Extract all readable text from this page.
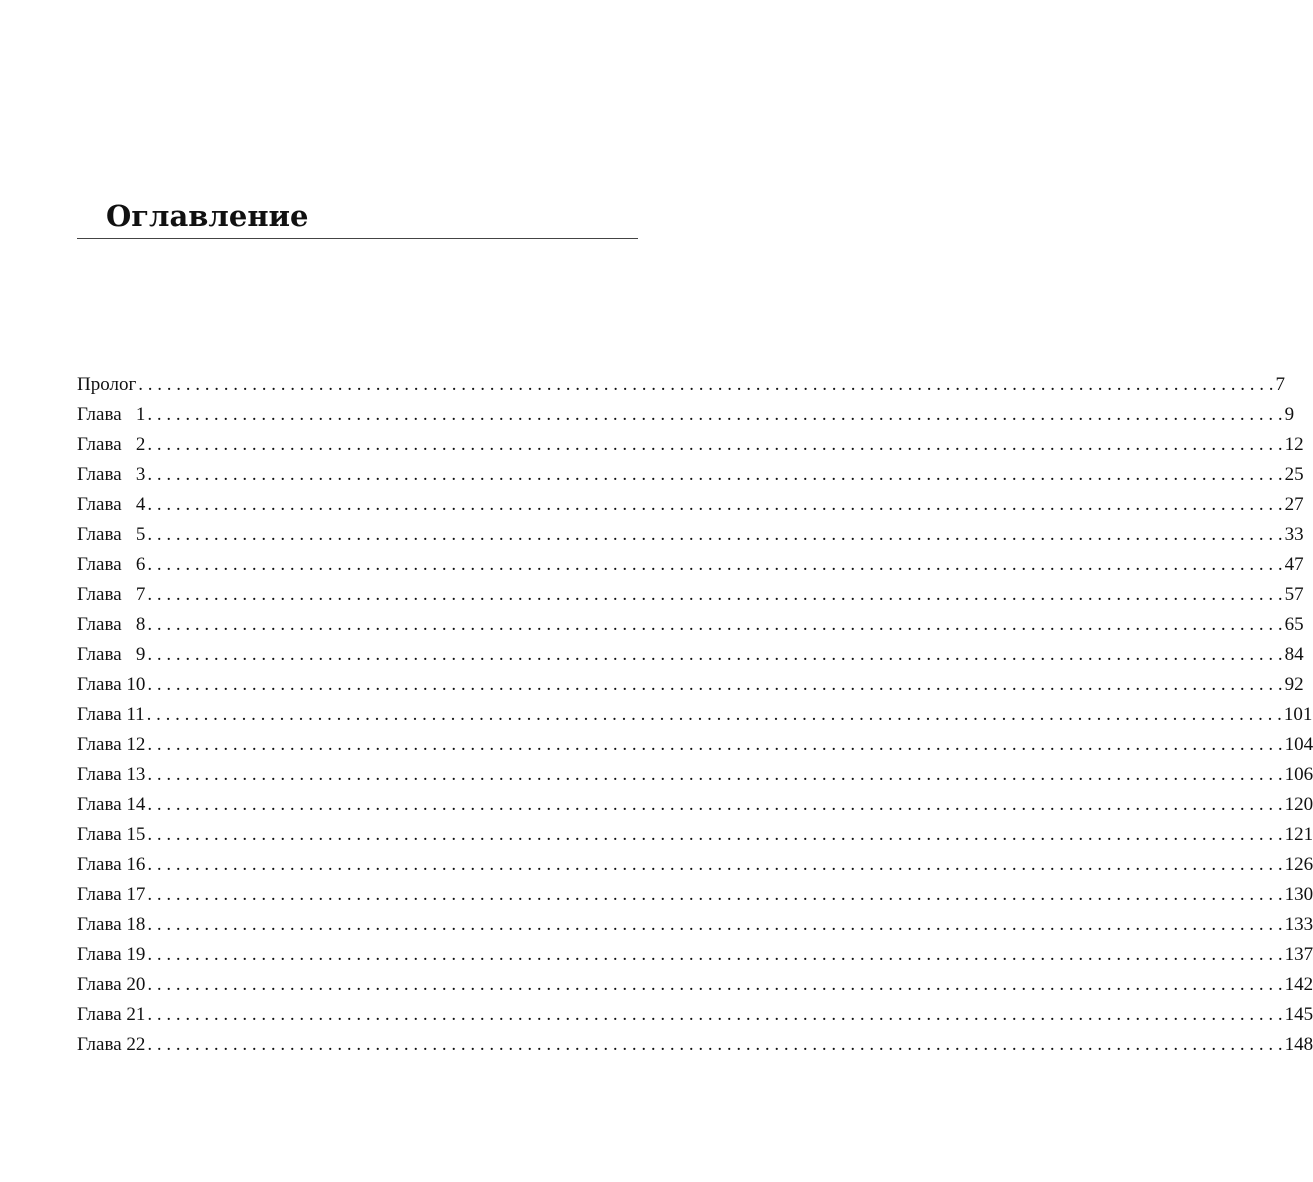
Оглавление
Пролог . . . . . . . . . . . . . . . . . . . . . . . . . . . . . . . . . . . . . . . . . . . . . . . . . . . . . . . . . . . . . . . . . . . . . . . . . . . . . . . . . . . . . . . . . . . . . . . . . . . . . . . . . . . . . . . . . . . . . . . . 7
Глава   1 . . . . . . . . . . . . . . . . . . . . . . . . . . . . . . . . . . . . . . . . . . . . . . . . . . . . . . . . . . . . . . . . . . . . . . . . . . . . . . . . . . . . . . . . . . . . . . . . . . . . . . . . . . . . . . . . . . . . . . . . 9
Глава   2 . . . . . . . . . . . . . . . . . . . . . . . . . . . . . . . . . . . . . . . . . . . . . . . . . . . . . . . . . . . . . . . . . . . . . . . . . . . . . . . . . . . . . . . . . . . . . . . . . . . . . . . . . . . . . . . . . . . . . . . . 12
Глава   3 . . . . . . . . . . . . . . . . . . . . . . . . . . . . . . . . . . . . . . . . . . . . . . . . . . . . . . . . . . . . . . . . . . . . . . . . . . . . . . . . . . . . . . . . . . . . . . . . . . . . . . . . . . . . . . . . . . . . . . . . 25
Глава   4 . . . . . . . . . . . . . . . . . . . . . . . . . . . . . . . . . . . . . . . . . . . . . . . . . . . . . . . . . . . . . . . . . . . . . . . . . . . . . . . . . . . . . . . . . . . . . . . . . . . . . . . . . . . . . . . . . . . . . . . . 27
Глава   5 . . . . . . . . . . . . . . . . . . . . . . . . . . . . . . . . . . . . . . . . . . . . . . . . . . . . . . . . . . . . . . . . . . . . . . . . . . . . . . . . . . . . . . . . . . . . . . . . . . . . . . . . . . . . . . . . . . . . . . . . 33
Глава   6 . . . . . . . . . . . . . . . . . . . . . . . . . . . . . . . . . . . . . . . . . . . . . . . . . . . . . . . . . . . . . . . . . . . . . . . . . . . . . . . . . . . . . . . . . . . . . . . . . . . . . . . . . . . . . . . . . . . . . . . . 47
Глава   7 . . . . . . . . . . . . . . . . . . . . . . . . . . . . . . . . . . . . . . . . . . . . . . . . . . . . . . . . . . . . . . . . . . . . . . . . . . . . . . . . . . . . . . . . . . . . . . . . . . . . . . . . . . . . . . . . . . . . . . . . 57
Глава   8 . . . . . . . . . . . . . . . . . . . . . . . . . . . . . . . . . . . . . . . . . . . . . . . . . . . . . . . . . . . . . . . . . . . . . . . . . . . . . . . . . . . . . . . . . . . . . . . . . . . . . . . . . . . . . . . . . . . . . . . . 65
Глава   9 . . . . . . . . . . . . . . . . . . . . . . . . . . . . . . . . . . . . . . . . . . . . . . . . . . . . . . . . . . . . . . . . . . . . . . . . . . . . . . . . . . . . . . . . . . . . . . . . . . . . . . . . . . . . . . . . . . . . . . . . 84
Глава 10 . . . . . . . . . . . . . . . . . . . . . . . . . . . . . . . . . . . . . . . . . . . . . . . . . . . . . . . . . . . . . . . . . . . . . . . . . . . . . . . . . . . . . . . . . . . . . . . . . . . . . . . . . . . . . . . . . . . . . . . . 92
Глава 11 . . . . . . . . . . . . . . . . . . . . . . . . . . . . . . . . . . . . . . . . . . . . . . . . . . . . . . . . . . . . . . . . . . . . . . . . . . . . . . . . . . . . . . . . . . . . . . . . . . . . . . . . . . . . . . . . . . . . . . . . 101
Глава 12 . . . . . . . . . . . . . . . . . . . . . . . . . . . . . . . . . . . . . . . . . . . . . . . . . . . . . . . . . . . . . . . . . . . . . . . . . . . . . . . . . . . . . . . . . . . . . . . . . . . . . . . . . . . . . . . . . . . . . . . . 104
Глава 13 . . . . . . . . . . . . . . . . . . . . . . . . . . . . . . . . . . . . . . . . . . . . . . . . . . . . . . . . . . . . . . . . . . . . . . . . . . . . . . . . . . . . . . . . . . . . . . . . . . . . . . . . . . . . . . . . . . . . . . . . 106
Глава 14 . . . . . . . . . . . . . . . . . . . . . . . . . . . . . . . . . . . . . . . . . . . . . . . . . . . . . . . . . . . . . . . . . . . . . . . . . . . . . . . . . . . . . . . . . . . . . . . . . . . . . . . . . . . . . . . . . . . . . . . . 120
Глава 15 . . . . . . . . . . . . . . . . . . . . . . . . . . . . . . . . . . . . . . . . . . . . . . . . . . . . . . . . . . . . . . . . . . . . . . . . . . . . . . . . . . . . . . . . . . . . . . . . . . . . . . . . . . . . . . . . . . . . . . . . 121
Глава 16 . . . . . . . . . . . . . . . . . . . . . . . . . . . . . . . . . . . . . . . . . . . . . . . . . . . . . . . . . . . . . . . . . . . . . . . . . . . . . . . . . . . . . . . . . . . . . . . . . . . . . . . . . . . . . . . . . . . . . . . . 126
Глава 17 . . . . . . . . . . . . . . . . . . . . . . . . . . . . . . . . . . . . . . . . . . . . . . . . . . . . . . . . . . . . . . . . . . . . . . . . . . . . . . . . . . . . . . . . . . . . . . . . . . . . . . . . . . . . . . . . . . . . . . . . 130
Глава 18 . . . . . . . . . . . . . . . . . . . . . . . . . . . . . . . . . . . . . . . . . . . . . . . . . . . . . . . . . . . . . . . . . . . . . . . . . . . . . . . . . . . . . . . . . . . . . . . . . . . . . . . . . . . . . . . . . . . . . . . . 133
Глава 19 . . . . . . . . . . . . . . . . . . . . . . . . . . . . . . . . . . . . . . . . . . . . . . . . . . . . . . . . . . . . . . . . . . . . . . . . . . . . . . . . . . . . . . . . . . . . . . . . . . . . . . . . . . . . . . . . . . . . . . . . 137
Глава 20 . . . . . . . . . . . . . . . . . . . . . . . . . . . . . . . . . . . . . . . . . . . . . . . . . . . . . . . . . . . . . . . . . . . . . . . . . . . . . . . . . . . . . . . . . . . . . . . . . . . . . . . . . . . . . . . . . . . . . . . . 142
Глава 21 . . . . . . . . . . . . . . . . . . . . . . . . . . . . . . . . . . . . . . . . . . . . . . . . . . . . . . . . . . . . . . . . . . . . . . . . . . . . . . . . . . . . . . . . . . . . . . . . . . . . . . . . . . . . . . . . . . . . . . . . 145
Глава 22 . . . . . . . . . . . . . . . . . . . . . . . . . . . . . . . . . . . . . . . . . . . . . . . . . . . . . . . . . . . . . . . . . . . . . . . . . . . . . . . . . . . . . . . . . . . . . . . . . . . . . . . . . . . . . . . . . . . . . . . . 148
